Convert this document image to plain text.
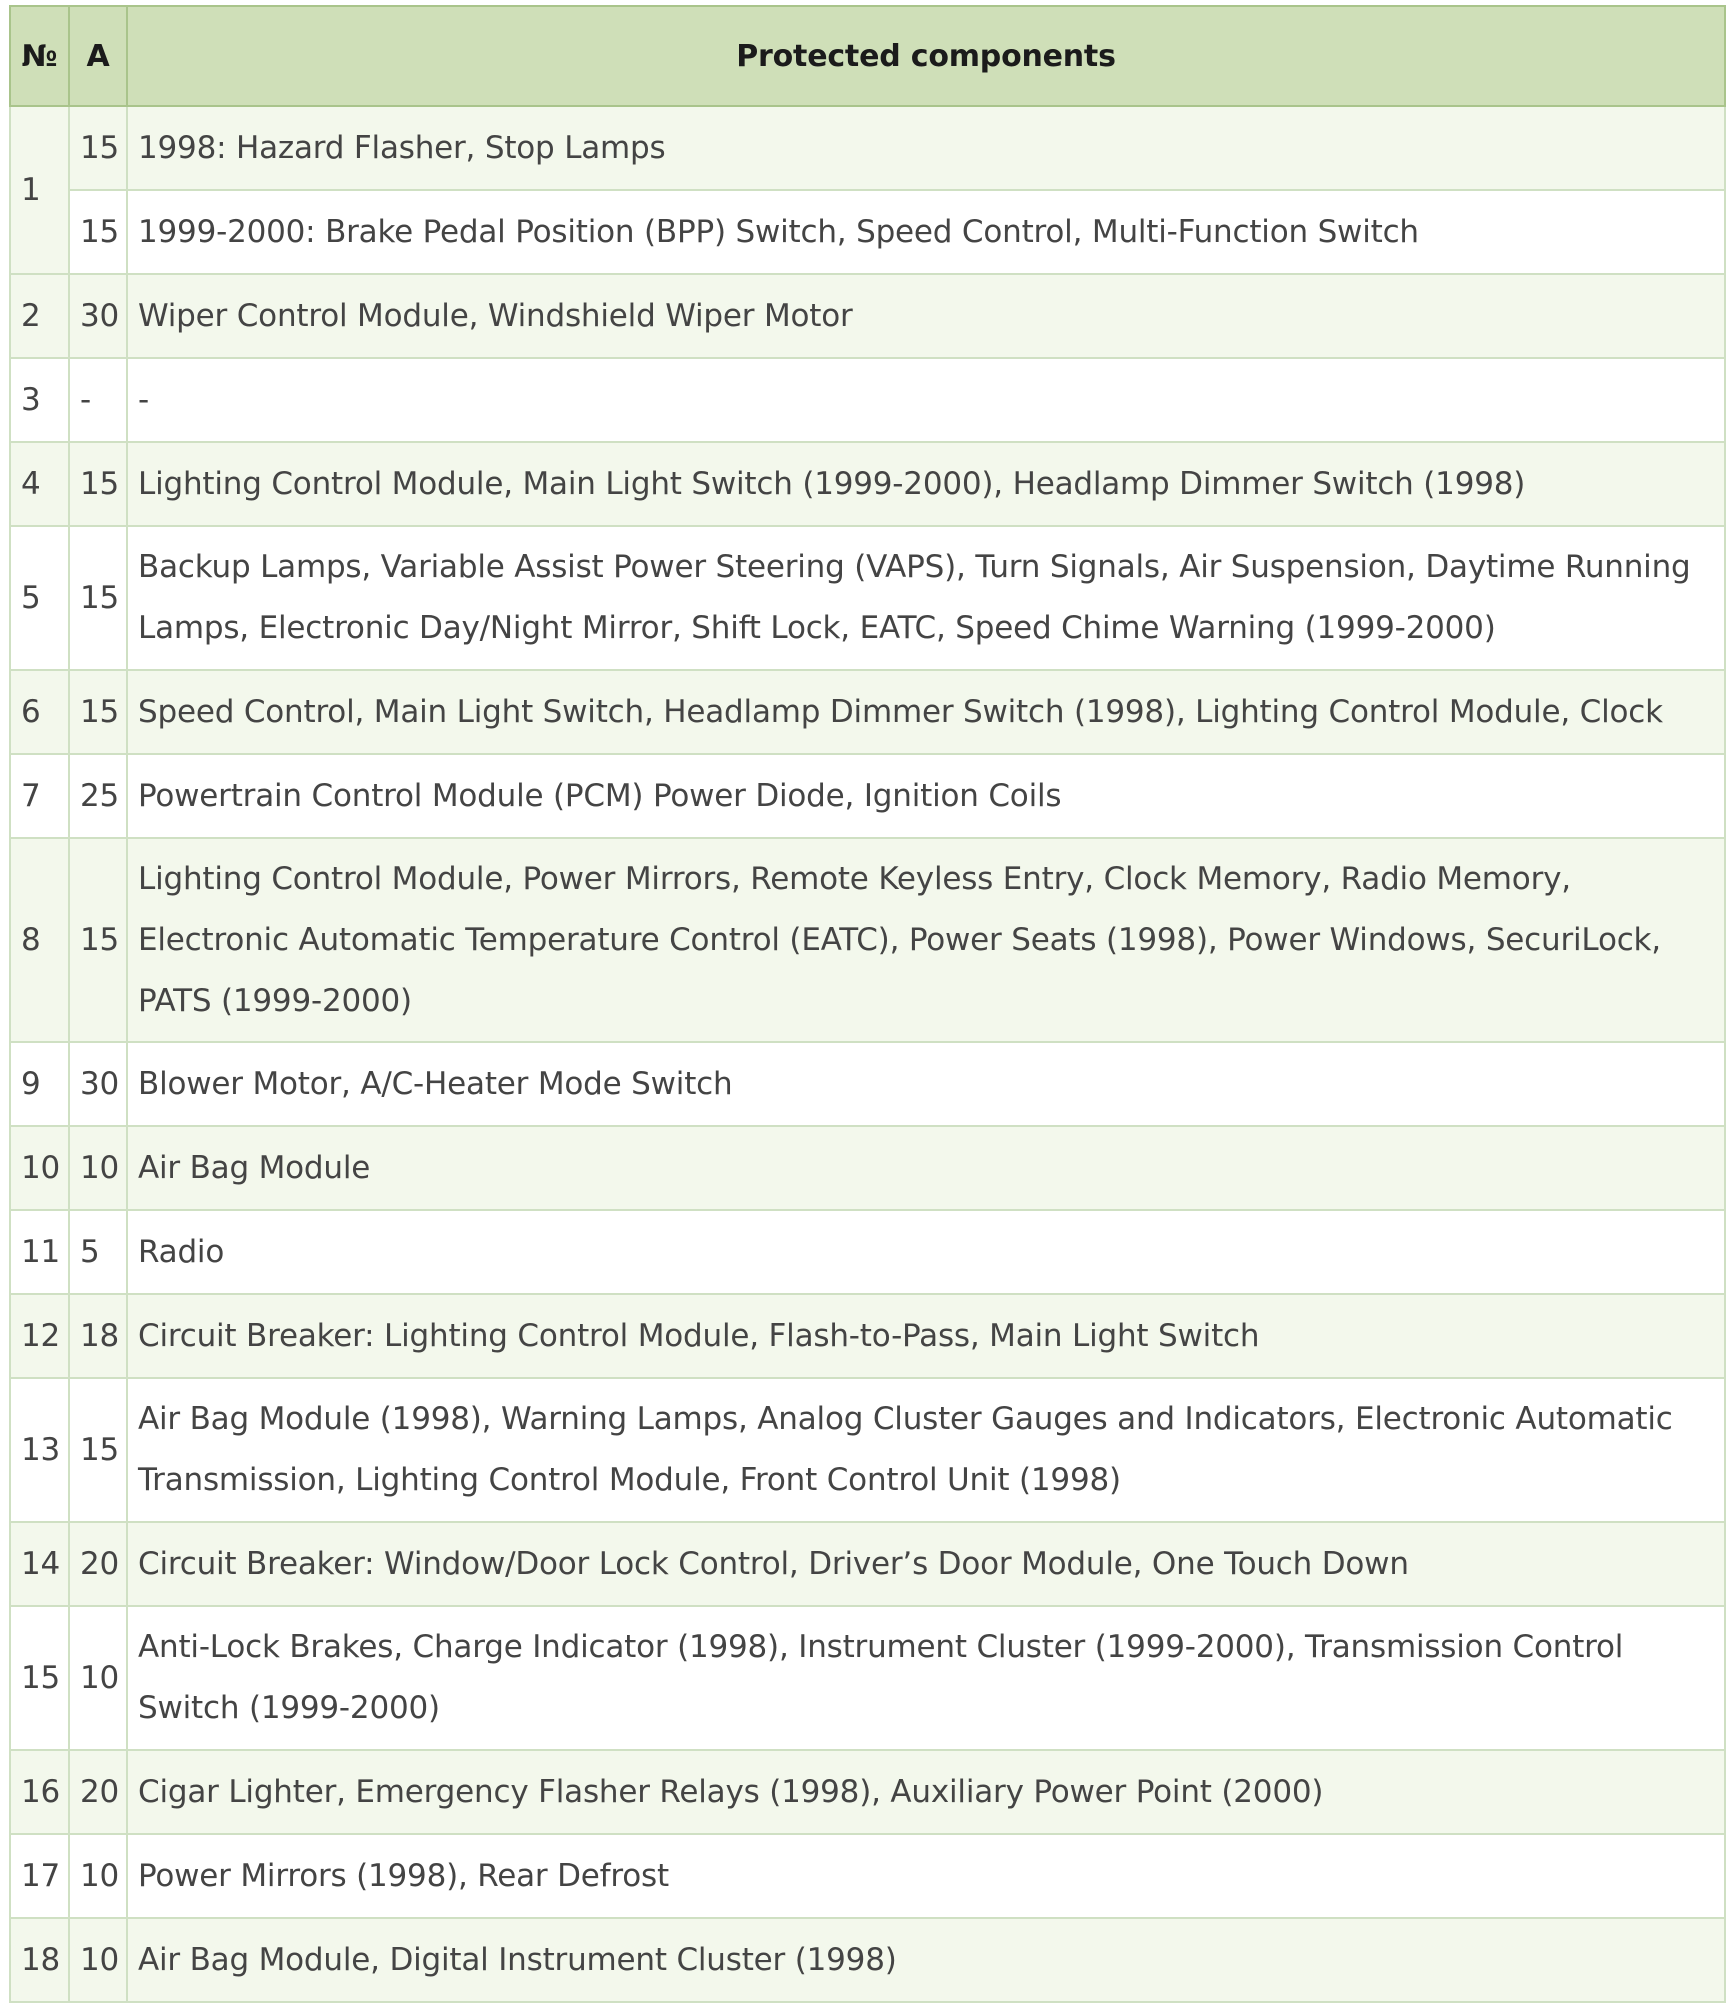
№	A	Protected components
1	15	1998: Hazard Flasher, Stop Lamps
	15	1999-2000: Brake Pedal Position (BPP) Switch, Speed Control, Multi-Function Switch
2	30	Wiper Control Module, Windshield Wiper Motor
3	-	-
4	15	Lighting Control Module, Main Light Switch (1999-2000), Headlamp Dimmer Switch (1998)
5	15	Backup Lamps, Variable Assist Power Steering (VAPS), Turn Signals, Air Suspension, Daytime Running Lamps, Electronic Day/Night Mirror, Shift Lock, EATC, Speed Chime Warning (1999-2000)
6	15	Speed Control, Main Light Switch, Headlamp Dimmer Switch (1998), Lighting Control Module, Clock
7	25	Powertrain Control Module (PCM) Power Diode, Ignition Coils
8	15	Lighting Control Module, Power Mirrors, Remote Keyless Entry, Clock Memory, Radio Memory, Electronic Automatic Temperature Control (EATC), Power Seats (1998), Power Windows, SecuriLock, PATS (1999-2000)
9	30	Blower Motor, A/C-Heater Mode Switch
10	10	Air Bag Module
11	5	Radio
12	18	Circuit Breaker: Lighting Control Module, Flash-to-Pass, Main Light Switch
13	15	Air Bag Module (1998), Warning Lamps, Analog Cluster Gauges and Indicators, Electronic Automatic Transmission, Lighting Control Module, Front Control Unit (1998)
14	20	Circuit Breaker: Window/Door Lock Control, Driver’s Door Module, One Touch Down
15	10	Anti-Lock Brakes, Charge Indicator (1998), Instrument Cluster (1999-2000), Transmission Control Switch (1999-2000)
16	20	Cigar Lighter, Emergency Flasher Relays (1998), Auxiliary Power Point (2000)
17	10	Power Mirrors (1998), Rear Defrost
18	10	Air Bag Module, Digital Instrument Cluster (1998)
